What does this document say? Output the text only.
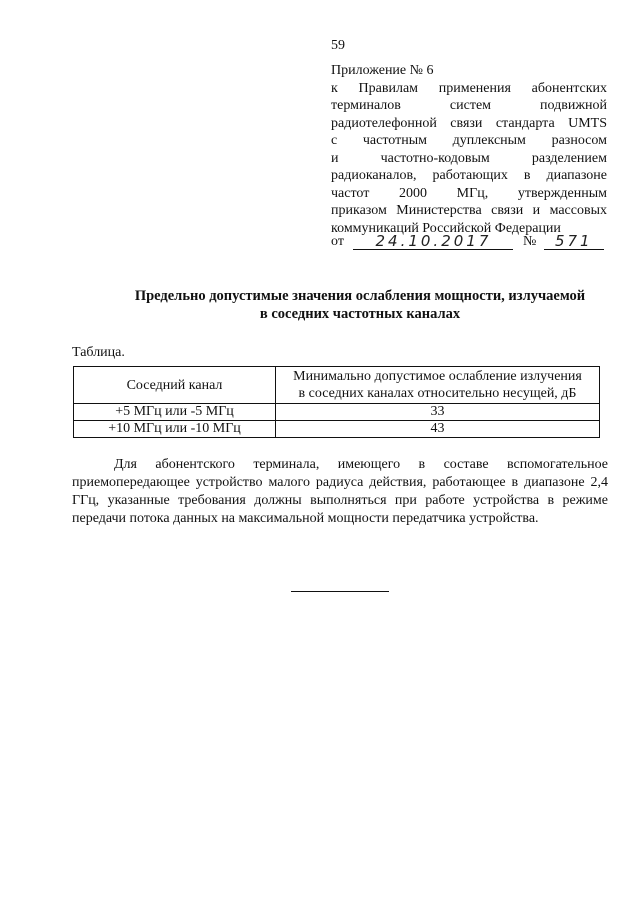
59
Приложение № 6
к Правилам применения абонентских
терминалов систем подвижной
радиотелефонной связи стандарта UMTS
с частотным дуплексным разносом
и частотно-кодовым разделением
радиоканалов, работающих в диапазоне
частот 2000 МГц, утвержденным
приказом Министерства связи и массовых
коммуникаций Российской Федерации
от 24.10.2017 № 571
Предельно допустимые значения ослабления мощности, излучаемой
в соседних частотных каналах
Таблица.
Соседний канал	Минимально допустимое ослабление излучения
в соседних каналах относительно несущей, дБ

+5 МГц или -5 МГц	33
+10 МГц или -10 МГц	43
Для абонентского терминала, имеющего в составе вспомогательное приемопередающее устройство малого радиуса действия, работающее в диапазоне 2,4 ГГц, указанные требования должны выполняться при работе устройства в режиме передачи потока данных на максимальной мощности передатчика устройства.
